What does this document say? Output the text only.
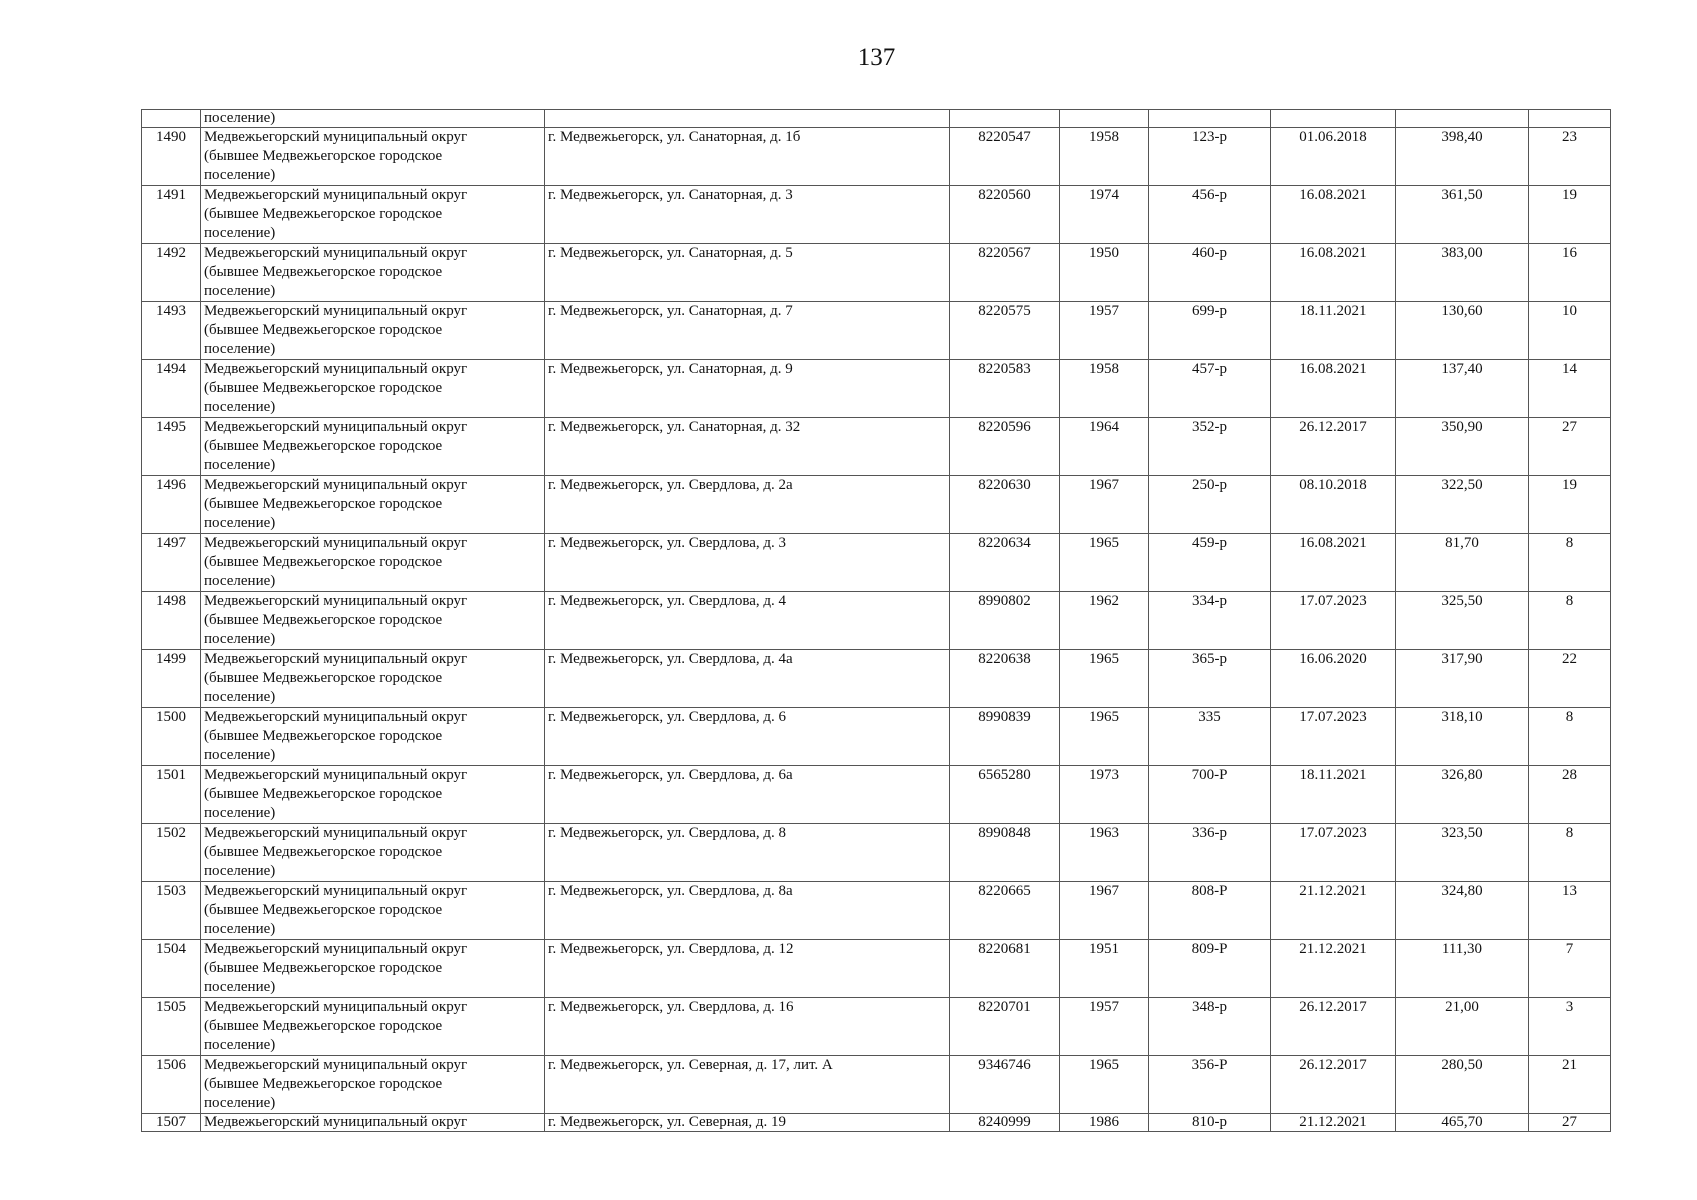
137
	поселение)							
1490	Медвежьегорский муниципальный округ
(бывшее Медвежьегорское городское
поселение)	г. Медвежьегорск, ул. Санаторная, д. 1б	8220547	1958	123-р	01.06.2018	398,40	23
1491	Медвежьегорский муниципальный округ
(бывшее Медвежьегорское городское
поселение)	г. Медвежьегорск, ул. Санаторная, д. 3	8220560	1974	456-р	16.08.2021	361,50	19
1492	Медвежьегорский муниципальный округ
(бывшее Медвежьегорское городское
поселение)	г. Медвежьегорск, ул. Санаторная, д. 5	8220567	1950	460-р	16.08.2021	383,00	16
1493	Медвежьегорский муниципальный округ
(бывшее Медвежьегорское городское
поселение)	г. Медвежьегорск, ул. Санаторная, д. 7	8220575	1957	699-р	18.11.2021	130,60	10
1494	Медвежьегорский муниципальный округ
(бывшее Медвежьегорское городское
поселение)	г. Медвежьегорск, ул. Санаторная, д. 9	8220583	1958	457-р	16.08.2021	137,40	14
1495	Медвежьегорский муниципальный округ
(бывшее Медвежьегорское городское
поселение)	г. Медвежьегорск, ул. Санаторная, д. 32	8220596	1964	352-р	26.12.2017	350,90	27
1496	Медвежьегорский муниципальный округ
(бывшее Медвежьегорское городское
поселение)	г. Медвежьегорск, ул. Свердлова, д. 2а	8220630	1967	250-р	08.10.2018	322,50	19
1497	Медвежьегорский муниципальный округ
(бывшее Медвежьегорское городское
поселение)	г. Медвежьегорск, ул. Свердлова, д. 3	8220634	1965	459-р	16.08.2021	81,70	8
1498	Медвежьегорский муниципальный округ
(бывшее Медвежьегорское городское
поселение)	г. Медвежьегорск, ул. Свердлова, д. 4	8990802	1962	334-р	17.07.2023	325,50	8
1499	Медвежьегорский муниципальный округ
(бывшее Медвежьегорское городское
поселение)	г. Медвежьегорск, ул. Свердлова, д. 4а	8220638	1965	365-р	16.06.2020	317,90	22
1500	Медвежьегорский муниципальный округ
(бывшее Медвежьегорское городское
поселение)	г. Медвежьегорск, ул. Свердлова, д. 6	8990839	1965	335	17.07.2023	318,10	8
1501	Медвежьегорский муниципальный округ
(бывшее Медвежьегорское городское
поселение)	г. Медвежьегорск, ул. Свердлова, д. 6а	6565280	1973	700-Р	18.11.2021	326,80	28
1502	Медвежьегорский муниципальный округ
(бывшее Медвежьегорское городское
поселение)	г. Медвежьегорск, ул. Свердлова, д. 8	8990848	1963	336-р	17.07.2023	323,50	8
1503	Медвежьегорский муниципальный округ
(бывшее Медвежьегорское городское
поселение)	г. Медвежьегорск, ул. Свердлова, д. 8а	8220665	1967	808-Р	21.12.2021	324,80	13
1504	Медвежьегорский муниципальный округ
(бывшее Медвежьегорское городское
поселение)	г. Медвежьегорск, ул. Свердлова, д. 12	8220681	1951	809-Р	21.12.2021	111,30	7
1505	Медвежьегорский муниципальный округ
(бывшее Медвежьегорское городское
поселение)	г. Медвежьегорск, ул. Свердлова, д. 16	8220701	1957	348-р	26.12.2017	21,00	3
1506	Медвежьегорский муниципальный округ
(бывшее Медвежьегорское городское
поселение)	г. Медвежьегорск, ул. Северная, д. 17, лит. А	9346746	1965	356-Р	26.12.2017	280,50	21
1507	Медвежьегорский муниципальный округ	г. Медвежьегорск, ул. Северная, д. 19	8240999	1986	810-р	21.12.2021	465,70	27
